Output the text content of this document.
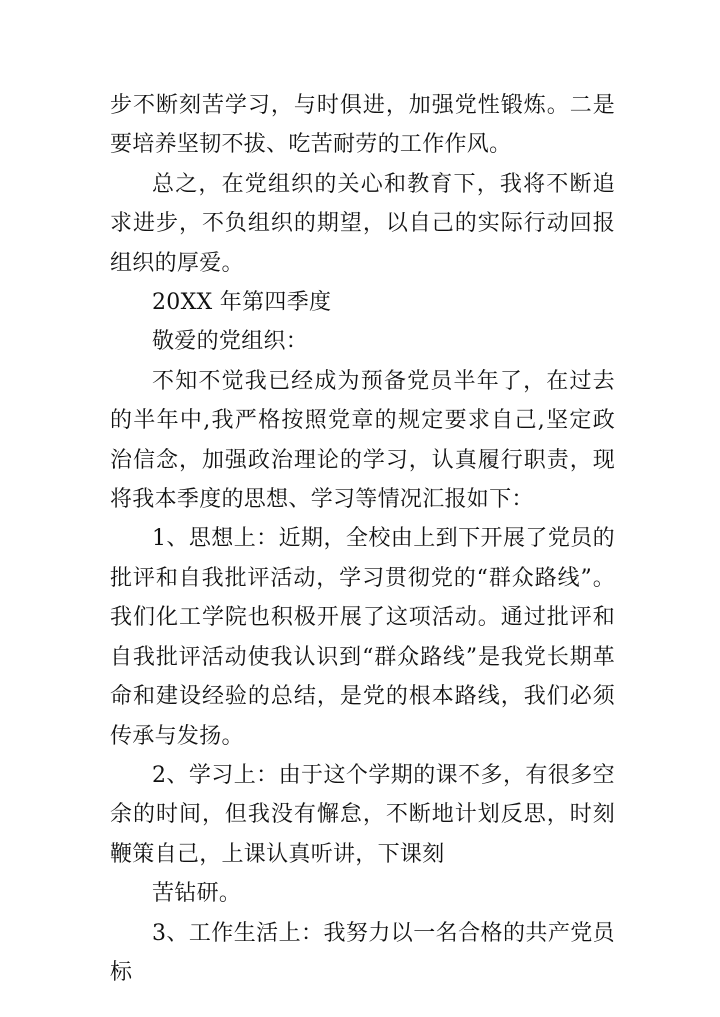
步不断刻苦学习，与时俱进，加强党性锻炼。二是要培养坚韧不拔、吃苦耐劳的工作作风。

总之，在党组织的关心和教育下，我将不断追求进步，不负组织的期望，以自己的实际行动回报组织的厚爱。

20XX 年第四季度

敬爱的党组织：

不知不觉我已经成为预备党员半年了，在过去的半年中,我严格按照党章的规定要求自己,坚定政治信念，加强政治理论的学习，认真履行职责，现将我本季度的思想、学习等情况汇报如下：

1、思想上：近期，全校由上到下开展了党员的批评和自我批评活动，学习贯彻党的“群众路线”。我们化工学院也积极开展了这项活动。通过批评和自我批评活动使我认识到“群众路线”是我党长期革命和建设经验的总结，是党的根本路线，我们必须传承与发扬。

2、学习上：由于这个学期的课不多，有很多空余的时间，但我没有懈怠，不断地计划反思，时刻鞭策自己，上课认真听讲，下课刻

苦钻研。

3、工作生活上：我努力以一名合格的共产党员标
